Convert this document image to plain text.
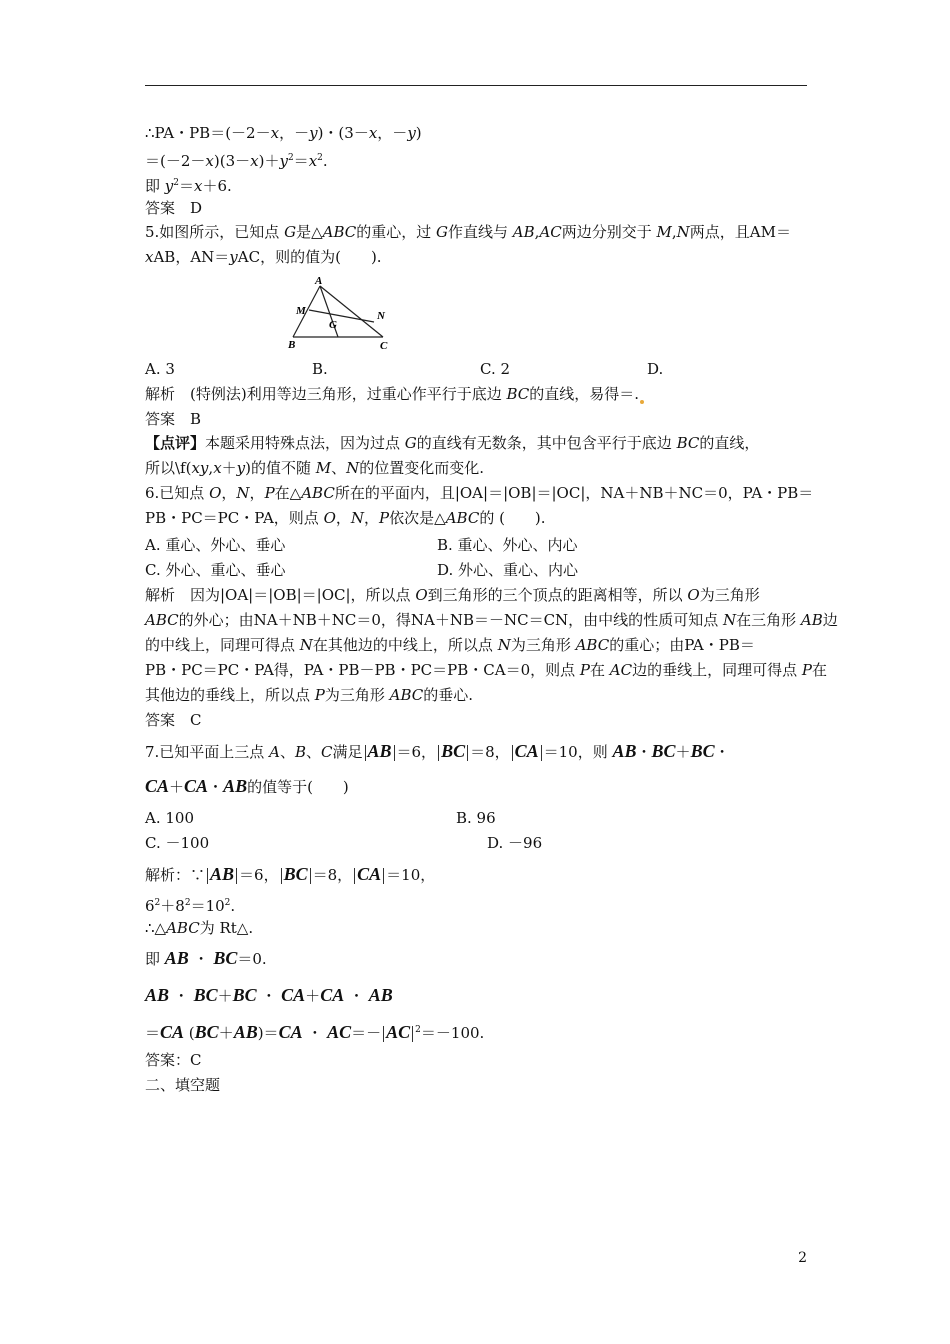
∴PA・PB＝(－2－x，－y)・(3－x，－y)
$=(-2-x)(3-x)+y^2=x^2$.
即 $y^2=x+6$.
答案　D
5.如图所示，已知点 G是△ABC的重心，过 G作直线与 AB,AC两边分别交于 M,N两点，且AM＝
xAB，AN＝yAC，则的值为(　　).
A
M
G
N
B	C
A. 3	B.	C. 2	D.
解析　(特例法)利用等边三角形，过重心作平行于底边 BC的直线，易得＝.
答案　B
【点评】本题采用特殊点法，因为过点 G的直线有无数条，其中包含平行于底边 BC的直线，
所以\f(xy,x＋y)的值不随 M、N的位置变化而变化.
6.已知点 O，N，P在△ABC所在的平面内，且|OA|＝|OB|＝|OC|，NA＋NB＋NC＝0，PA・PB＝
PB・PC＝PC・PA，则点 O，N，P依次是△ABC的 (　　).
A. 重心、外心、垂心	B. 重心、外心、内心
C. 外心、重心、垂心	D. 外心、重心、内心
解析　因为|OA|＝|OB|＝|OC|，所以点 O到三角形的三个顶点的距离相等，所以 O为三角形
ABC的外心；由NA＋NB＋NC＝0，得NA＋NB＝－NC＝CN，由中线的性质可知点 N在三角形 AB边
的中线上，同理可得点 N在其他边的中线上，所以点 N为三角形 ABC的重心；由PA・PB＝
PB・PC＝PC・PA得，PA・PB－PB・PC＝PB・CA＝0，则点 P在 AC边的垂线上，同理可得点 P在
其他边的垂线上，所以点 P为三角形 ABC的垂心.
答案　C
7.已知平面上三点 A、B、C满足 AB ＝6， BC ＝8， CA ＝10，则 AB・BC＋BC・
CA＋CA・AB的值等于(　　)
A. 100	B. 96
C. －100	D. －96
解析：∵ AB ＝6， BC ＝8， CA ＝10，
$6^2+8^2=10^2$.
∴△ABC为 Rt△.
即 AB ・ BC＝0.
AB ・ BC＋BC ・ CA＋CA ・ AB
＝CA (BC＋AB)＝CA ・ AC＝－ AC $^2$＝－100.
答案：C
二、填空题
2
